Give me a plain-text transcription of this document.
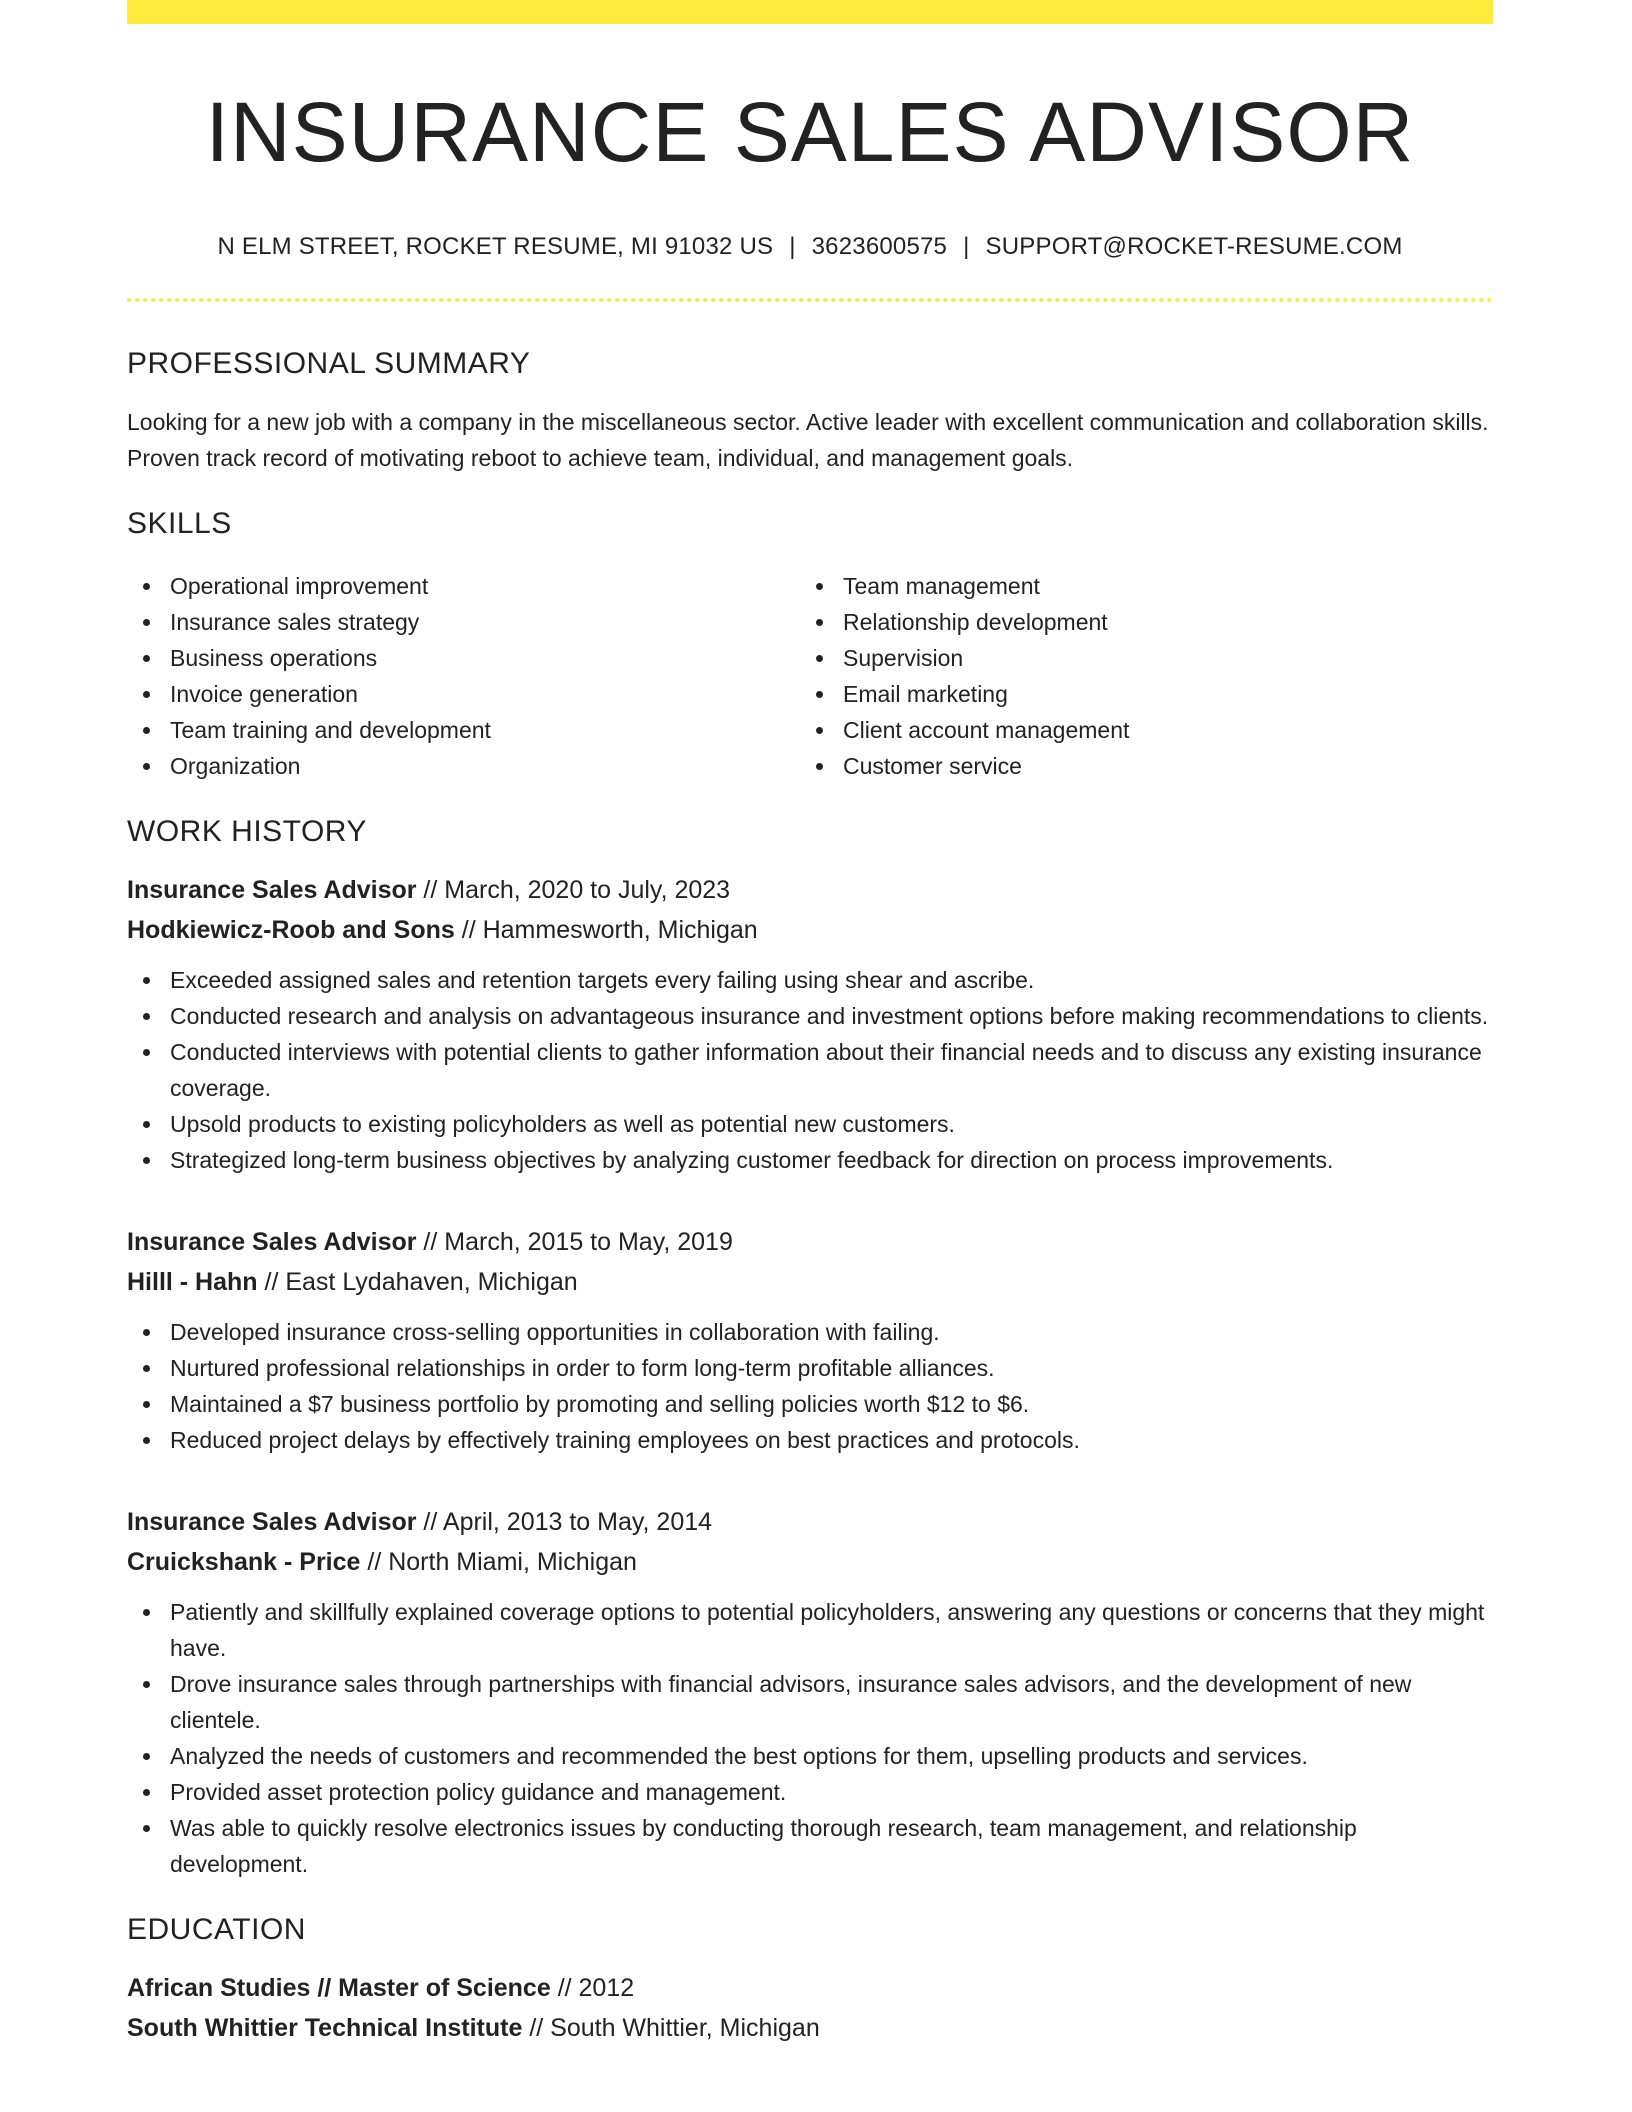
INSURANCE SALES ADVISOR
N ELM STREET, ROCKET RESUME, MI 91032 US | 3623600575 | SUPPORT@ROCKET-RESUME.COM
PROFESSIONAL SUMMARY
Looking for a new job with a company in the miscellaneous sector. Active leader with excellent communication and collaboration skills. Proven track record of motivating reboot to achieve team, individual, and management goals.
SKILLS
Operational improvement
Insurance sales strategy
Business operations
Invoice generation
Team training and development
Organization
Team management
Relationship development
Supervision
Email marketing
Client account management
Customer service
WORK HISTORY
Insurance Sales Advisor // March, 2020 to July, 2023
Hodkiewicz-Roob and Sons // Hammesworth, Michigan
Exceeded assigned sales and retention targets every failing using shear and ascribe.
Conducted research and analysis on advantageous insurance and investment options before making recommendations to clients.
Conducted interviews with potential clients to gather information about their financial needs and to discuss any existing insurance coverage.
Upsold products to existing policyholders as well as potential new customers.
Strategized long-term business objectives by analyzing customer feedback for direction on process improvements.
Insurance Sales Advisor // March, 2015 to May, 2019
Hilll - Hahn // East Lydahaven, Michigan
Developed insurance cross-selling opportunities in collaboration with failing.
Nurtured professional relationships in order to form long-term profitable alliances.
Maintained a $7 business portfolio by promoting and selling policies worth $12 to $6.
Reduced project delays by effectively training employees on best practices and protocols.
Insurance Sales Advisor // April, 2013 to May, 2014
Cruickshank - Price // North Miami, Michigan
Patiently and skillfully explained coverage options to potential policyholders, answering any questions or concerns that they might have.
Drove insurance sales through partnerships with financial advisors, insurance sales advisors, and the development of new clientele.
Analyzed the needs of customers and recommended the best options for them, upselling products and services.
Provided asset protection policy guidance and management.
Was able to quickly resolve electronics issues by conducting thorough research, team management, and relationship development.
EDUCATION
African Studies // Master of Science // 2012
South Whittier Technical Institute // South Whittier, Michigan
